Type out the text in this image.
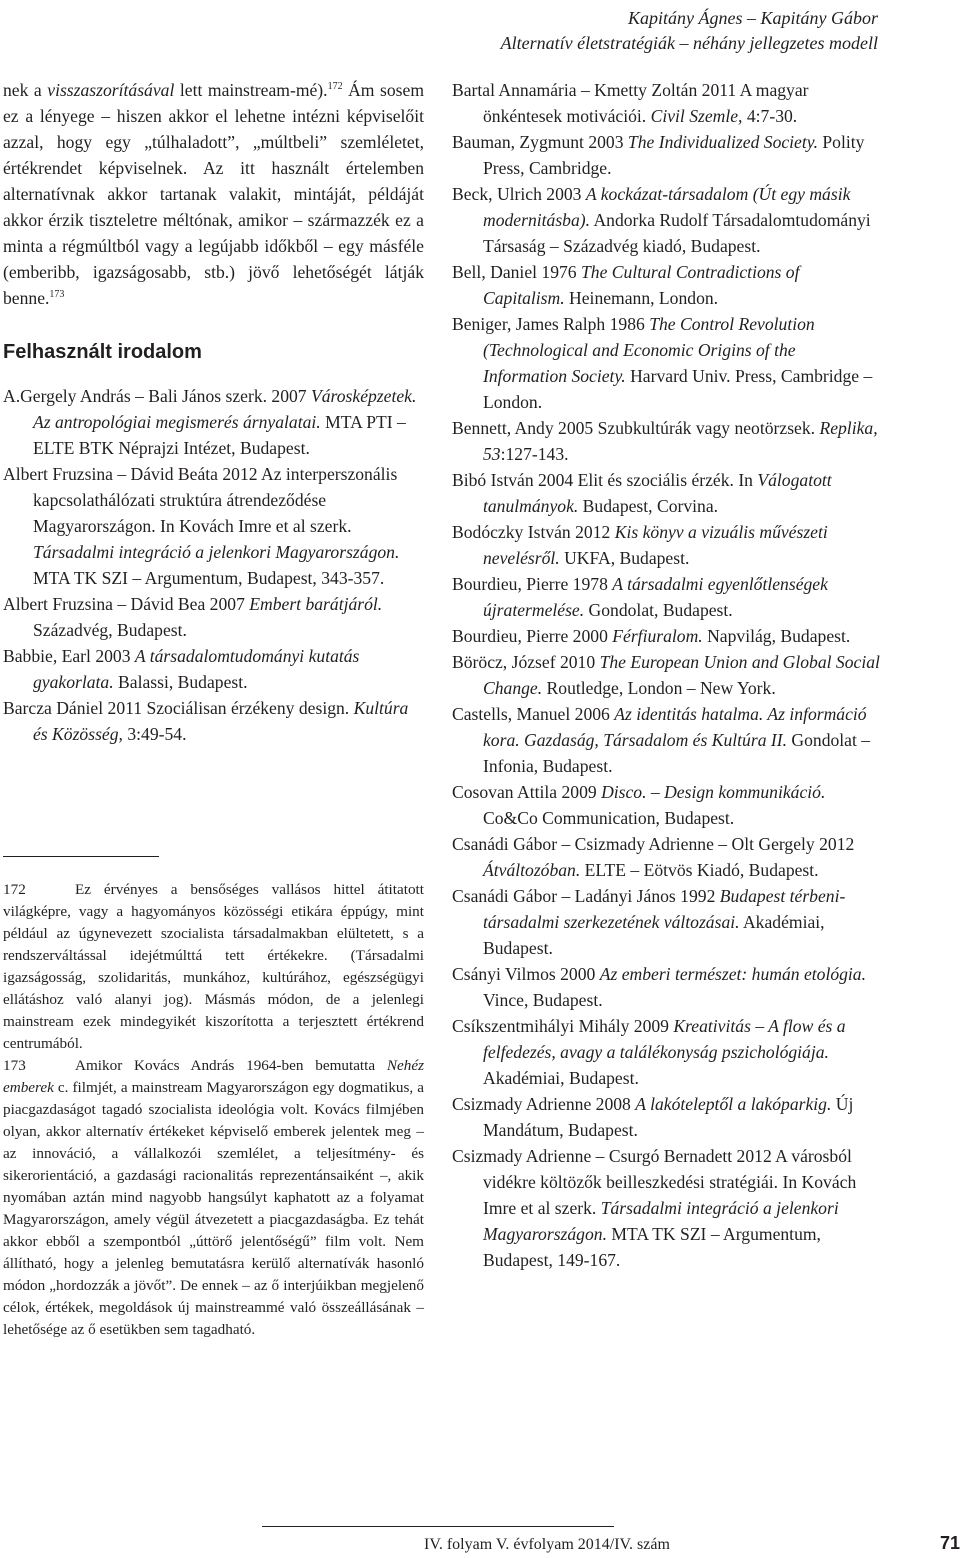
Kapitány Ágnes – Kapitány Gábor
Alternatív életstratégiák – néhány jellegzetes modell

nek a visszaszorításával lett mainstream-mé).$^{172}$ Ám sosem ez a lényege – hiszen akkor el lehetne intézni képviselőit azzal, hogy egy „túlhaladott”, „múltbeli” szemléletet, értékrendet képviselnek. Az itt használt értelemben alternatívnak akkor tartanak valakit, mintáját, példáját akkor érzik tiszteletre méltónak, amikor – származzék ez a minta a régmúltból vagy a legújabb időkből – egy másféle (emberibb, igazságosabb, stb.) jövő lehetőségét látják benne.$^{173}$

Felhasznált irodalom

A.Gergely András – Bali János szerk. 2007 Városképzetek. Az antropológiai megismerés árnyalatai. MTA PTI – ELTE BTK Néprajzi Intézet, Budapest.

Albert Fruzsina – Dávid Beáta 2012 Az interperszonális kapcsolathálózati struktúra átrendeződése Magyarországon. In Kovách Imre et al szerk. Társadalmi integráció a jelenkori Magyarországon. MTA TK SZI – Argumentum, Budapest, 343-357.

Albert Fruzsina – Dávid Bea 2007 Embert barátjáról. Századvég, Budapest.

Babbie, Earl 2003 A társadalomtudományi kutatás gyakorlata. Balassi, Budapest.

Barcza Dániel 2011 Szociálisan érzékeny design. Kultúra és Közösség, 3:49-54.

172	Ez érvényes a bensőséges vallásos hittel átitatott világképre, vagy a hagyományos közösségi etikára éppúgy, mint például az úgynevezett szocialista társadalmakban elültetett, s a rendszerváltással idejétmúlttá tett értékekre. (Társadalmi igazságosság, szolidaritás, munkához, kultúrához, egészségügyi ellátáshoz való alanyi jog). Másmás módon, de a jelenlegi mainstream ezek mindegyikét kiszorította a terjesztett értékrend centrumából.

173	Amikor Kovács András 1964-ben bemutatta Nehéz emberek c. filmjét, a mainstream Magyarországon egy dogmatikus, a piacgazdaságot tagadó szocialista ideológia volt. Kovács filmjében olyan, akkor alternatív értékeket képviselő emberek jelentek meg – az innováció, a vállalkozói szemlélet, a teljesítmény- és sikerorientáció, a gazdasági racionalitás reprezentánsaiként –, akik nyomában aztán mind nagyobb hangsúlyt kaphatott az a folyamat Magyarországon, amely végül átvezetett a piacgazdaságba. Ez tehát akkor ebből a szempontból „úttörő jelentőségű” film volt. Nem állítható, hogy a jelenleg bemutatásra kerülő alternatívák hasonló módon „hordozzák a jövőt”. De ennek – az ő interjúikban megjelenő célok, értékek, megoldások új mainstreammé való összeállásának – lehetősége az ő esetükben sem tagadható.

Bartal Annamária – Kmetty Zoltán 2011 A magyar önkéntesek motivációi. Civil Szemle, 4:7-30.

Bauman, Zygmunt 2003 The Individualized Society. Polity Press, Cambridge.

Beck, Ulrich 2003 A kockázat-társadalom (Út egy másik modernitásba). Andorka Rudolf Társadalomtudományi Társaság – Századvég kiadó, Budapest.

Bell, Daniel 1976 The Cultural Contradictions of Capitalism. Heinemann, London.

Beniger, James Ralph 1986 The Control Revolution (Technological and Economic Origins of the Information Society. Harvard Univ. Press, Cambridge – London.

Bennett, Andy 2005 Szubkultúrák vagy neotörzsek. Replika, 53:127-143.

Bibó István 2004 Elit és szociális érzék. In Válogatott tanulmányok. Budapest, Corvina.

Bodóczky István 2012 Kis könyv a vizuális művészeti nevelésről. UKFA, Budapest.

Bourdieu, Pierre 1978 A társadalmi egyenlőtlenségek újratermelése. Gondolat, Budapest.

Bourdieu, Pierre 2000 Férfiuralom. Napvilág, Budapest.

Böröcz, József 2010 The European Union and Global Social Change. Routledge, London – New York.

Castells, Manuel 2006 Az identitás hatalma. Az információ kora. Gazdaság, Társadalom és Kultúra II. Gondolat – Infonia, Budapest.

Cosovan Attila 2009 Disco. – Design kommunikáció. Co&Co Communication, Budapest.

Csanádi Gábor – Csizmady Adrienne – Olt Gergely 2012 Átváltozóban. ELTE – Eötvös Kiadó, Budapest.

Csanádi Gábor – Ladányi János 1992 Budapest térbeni-társadalmi szerkezetének változásai. Akadémiai, Budapest.

Csányi Vilmos 2000 Az emberi természet: humán etológia. Vince, Budapest.

Csíkszentmihályi Mihály 2009 Kreativitás – A flow és a felfedezés, avagy a találékonyság pszichológiája. Akadémiai, Budapest.

Csizmady Adrienne 2008 A lakóteleptől a lakóparkig. Új Mandátum, Budapest.

Csizmady Adrienne – Csurgó Bernadett 2012 A városból vidékre költözők beilleszkedési stratégiái. In Kovách Imre et al szerk. Társadalmi integráció a jelenkori Magyarországon. MTA TK SZI – Argumentum, Budapest, 149-167.

IV. folyam V. évfolyam 2014/IV. szám	71
